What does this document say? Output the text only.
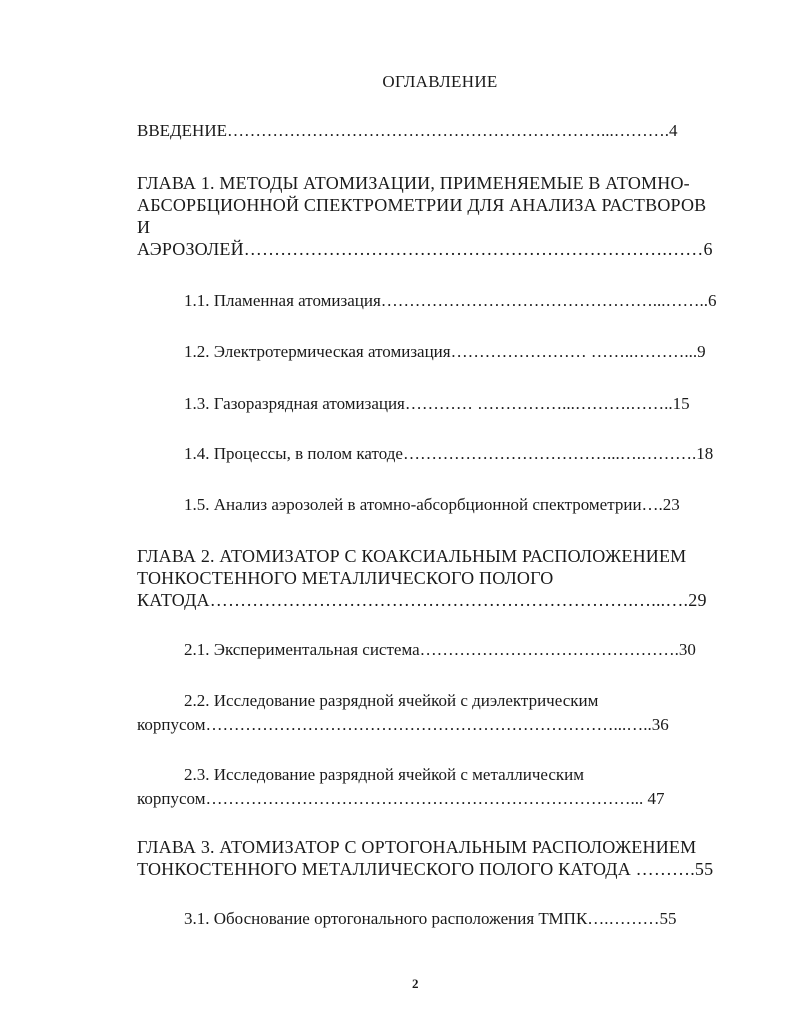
ОГЛАВЛЕНИЕ
ВВЕДЕНИЕ…………………………………………………………...……….4
ГЛАВА 1. МЕТОДЫ АТОМИЗАЦИИ, ПРИМЕНЯЕМЫЕ В АТОМНО-
АБСОРБЦИОННОЙ СПЕКТРОМЕТРИИ ДЛЯ АНАЛИЗА РАСТВОРОВ
И
АЭРОЗОЛЕЙ…………………………………………………………….……6
1.1. Пламенная атомизация…………………………………………...……..6
1.2. Электротермическая атомизация…………………… ……..………...9
1.3. Газоразрядная атомизация………… ……………...……….……..15
1.4. Процессы, в полом катоде………………………………...….……….18
1.5. Анализ аэрозолей в атомно-абсорбционной спектрометрии….23
ГЛАВА 2. АТОМИЗАТОР С КОАКСИАЛЬНЫМ РАСПОЛОЖЕНИЕМ
ТОНКОСТЕННОГО МЕТАЛЛИЧЕСКОГО ПОЛОГО
КАТОДА…………………………………………………………….…...….29
2.1. Экспериментальная система……………………………………….30
2.2. Исследование разрядной ячейкой с диэлектрическим
корпусом………………………………………………………………...…..36
2.3. Исследование разрядной ячейкой с металлическим
корпусом…………………………………………………………………... 47
ГЛАВА 3. АТОМИЗАТОР С ОРТОГОНАЛЬНЫМ РАСПОЛОЖЕНИЕМ
ТОНКОСТЕННОГО МЕТАЛЛИЧЕСКОГО ПОЛОГО КАТОДА ……….55
3.1. Обоснование ортогонального расположения ТМПК….………55
2
